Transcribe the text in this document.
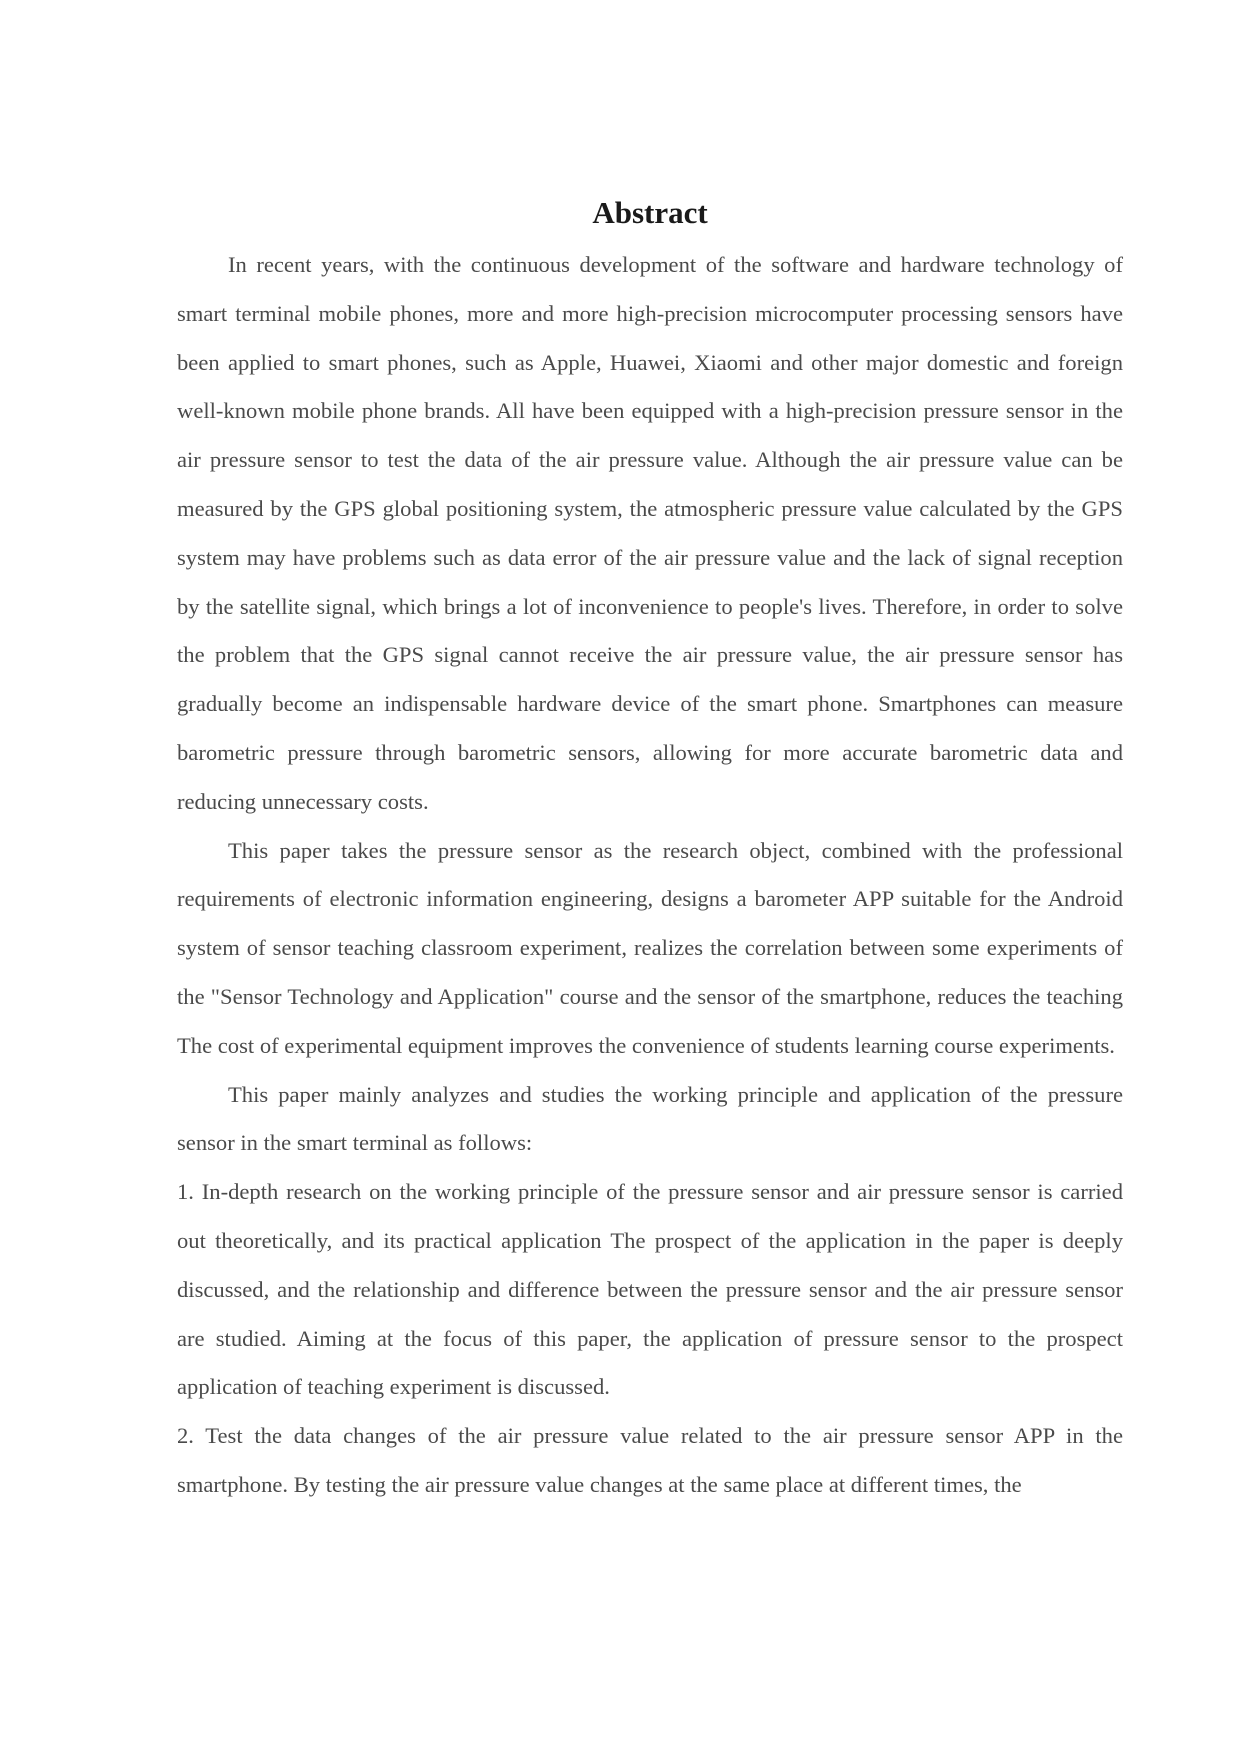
Abstract

In recent years, with the continuous development of the software and hardware technology of smart terminal mobile phones, more and more high-precision microcomputer processing sensors have been applied to smart phones, such as Apple, Huawei, Xiaomi and other major domestic and foreign well-known mobile phone brands. All have been equipped with a high-precision pressure sensor in the air pressure sensor to test the data of the air pressure value. Although the air pressure value can be measured by the GPS global positioning system, the atmospheric pressure value calculated by the GPS system may have problems such as data error of the air pressure value and the lack of signal reception by the satellite signal, which brings a lot of inconvenience to people's lives. Therefore, in order to solve the problem that the GPS signal cannot receive the air pressure value, the air pressure sensor has gradually become an indispensable hardware device of the smart phone. Smartphones can measure barometric pressure through barometric sensors, allowing for more accurate barometric data and reducing unnecessary costs.

This paper takes the pressure sensor as the research object, combined with the professional requirements of electronic information engineering, designs a barometer APP suitable for the Android system of sensor teaching classroom experiment, realizes the correlation between some experiments of the "Sensor Technology and Application" course and the sensor of the smartphone, reduces the teaching The cost of experimental equipment improves the convenience of students learning course experiments.

This paper mainly analyzes and studies the working principle and application of the pressure sensor in the smart terminal as follows:

1. In-depth research on the working principle of the pressure sensor and air pressure sensor is carried out theoretically, and its practical application The prospect of the application in the paper is deeply discussed, and the relationship and difference between the pressure sensor and the air pressure sensor are studied. Aiming at the focus of this paper, the application of pressure sensor to the prospect application of teaching experiment is discussed.

2. Test the data changes of the air pressure value related to the air pressure sensor APP in the smartphone. By testing the air pressure value changes at the same place at different times, the
